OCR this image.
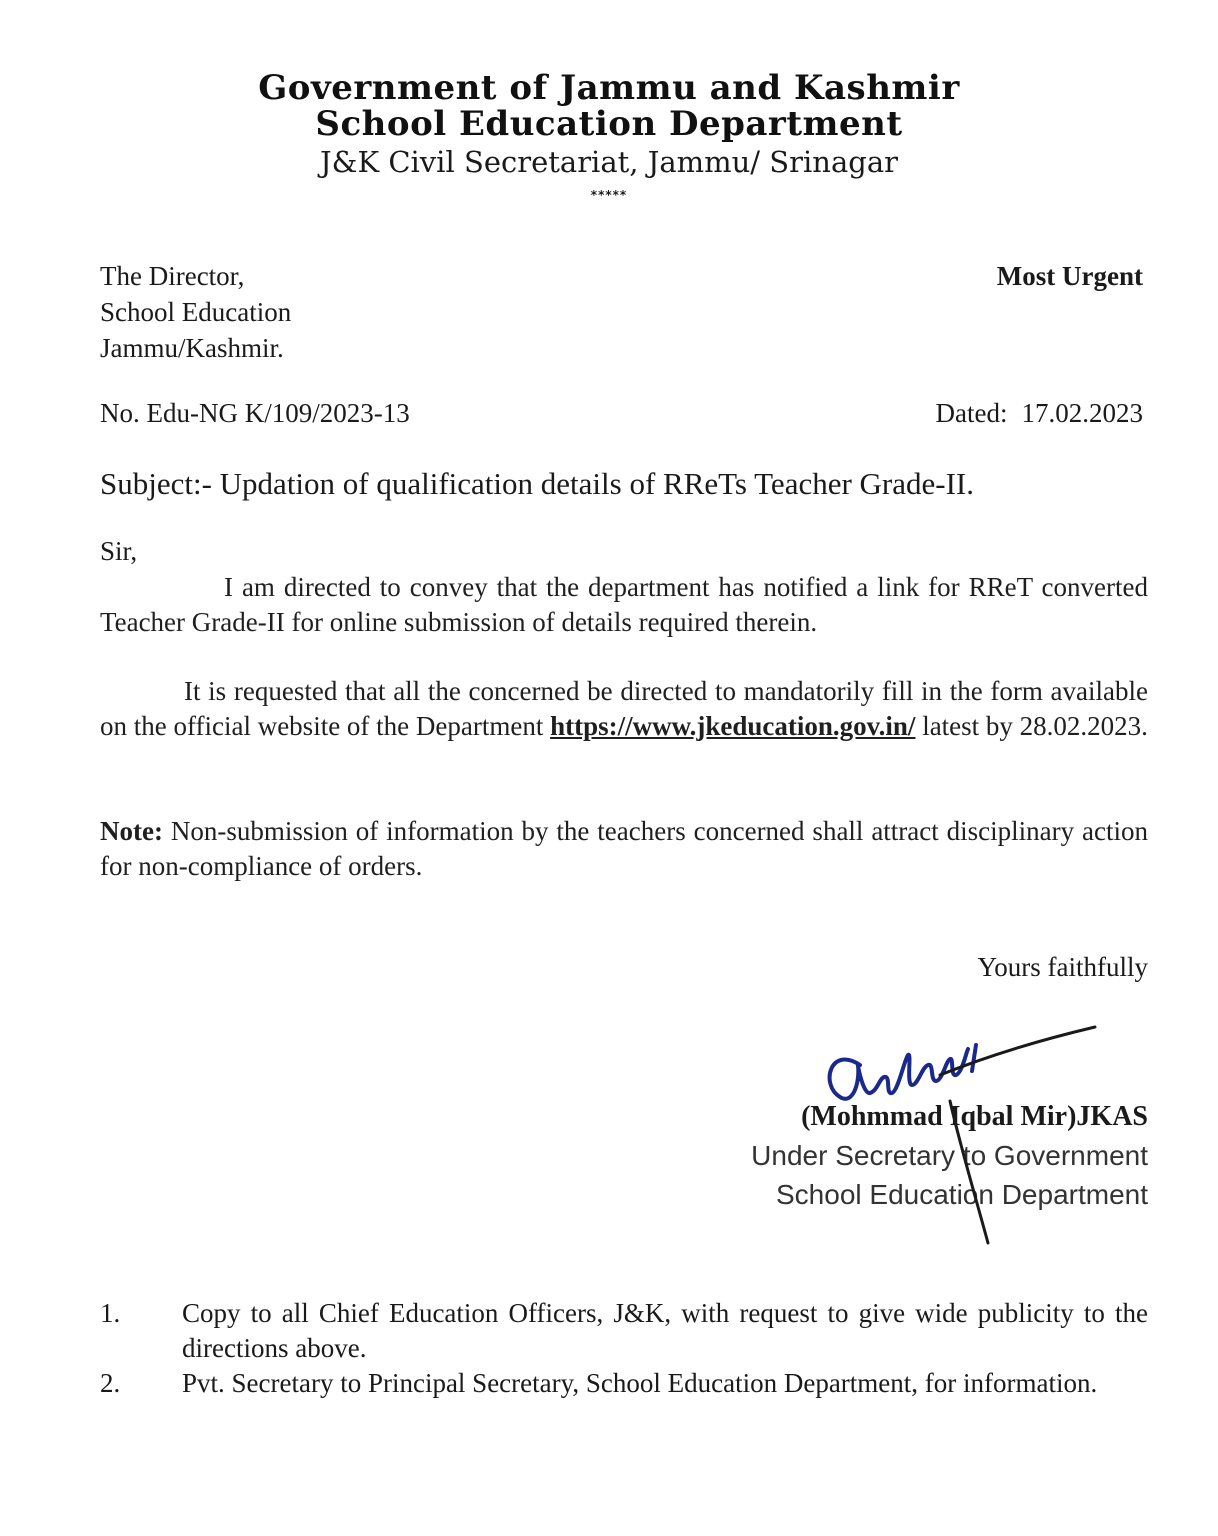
Government of Jammu and Kashmir
School Education Department
J&K Civil Secretariat, Jammu/ Srinagar
*****
The Director,
School Education
Jammu/Kashmir.
Most Urgent
No. Edu-NG K/109/2023-13	Dated: 17.02.2023
Subject:- Updation of qualification details of RReTs Teacher Grade-II.
Sir,
I am directed to convey that the department has notified a link for RReT converted Teacher Grade-II for online submission of details required therein.
It is requested that all the concerned be directed to mandatorily fill in the form available on the official website of the Department https://www.jkeducation.gov.in/ latest by 28.02.2023.
Note: Non-submission of information by the teachers concerned shall attract disciplinary action for non-compliance of orders.
Yours faithfully
(Mohmmad Iqbal Mir)JKAS
Under Secretary to Government
School Education Department
1.	Copy to all Chief Education Officers, J&K, with request to give wide publicity to the directions above.
2.	Pvt. Secretary to Principal Secretary, School Education Department, for information.
